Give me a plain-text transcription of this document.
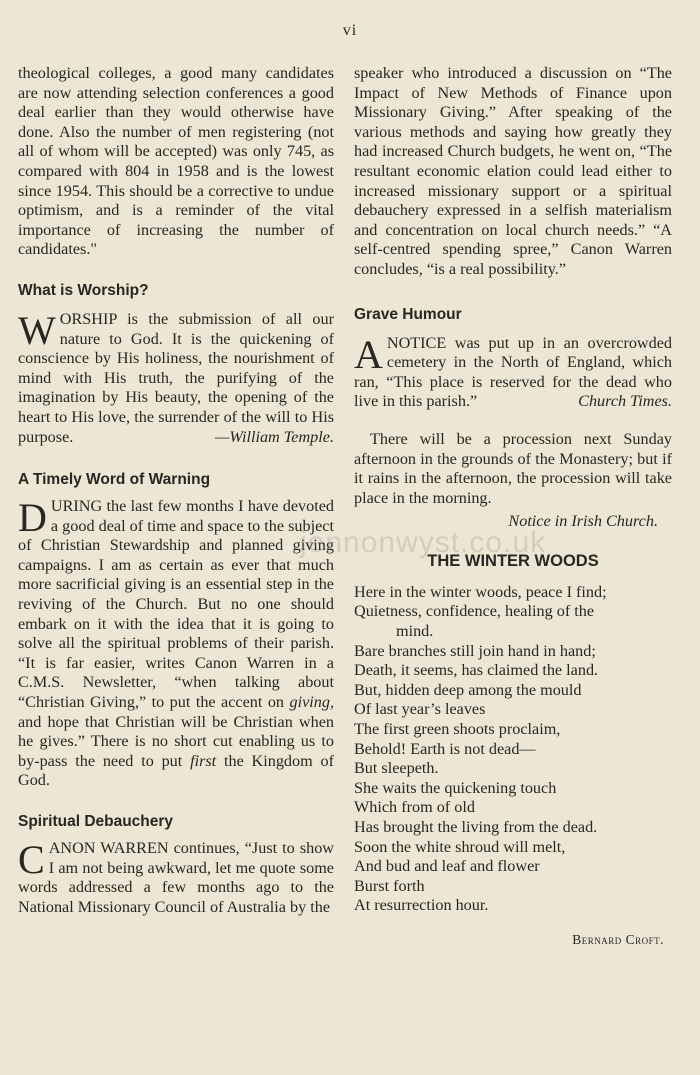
vi

theological colleges, a good many candidates are now attending selection conferences a good deal earlier than they would otherwise have done. Also the number of men registering (not all of whom will be accepted) was only 745, as compared with 804 in 1958 and is the lowest since 1954. This should be a corrective to undue optimism, and is a reminder of the vital importance of increasing the number of candidates."

What is Worship?

WORSHIP is the submission of all our nature to God. It is the quickening of conscience by His holiness, the nourishment of mind with His truth, the purifying of the imagination by His beauty, the opening of the heart to His love, the surrender of the will to His purpose.	—William Temple.

A Timely Word of Warning

DURING the last few months I have devoted a good deal of time and space to the subject of Christian Stewardship and planned giving campaigns. I am as certain as ever that much more sacrificial giving is an essential step in the reviving of the Church. But no one should embark on it with the idea that it is going to solve all the spiritual problems of their parish. “It is far easier, writes Canon Warren in a C.M.S. Newsletter, “when talking about “Christian Giving,” to put the accent on giving, and hope that Christian will be Christian when he gives.” There is no short cut enabling us to by-pass the need to put first the Kingdom of God.

Spiritual Debauchery

CANON WARREN continues, “Just to show I am not being awkward, let me quote some words addressed a few months ago to the National Missionary Council of Australia by the

speaker who introduced a discussion on “The Impact of New Methods of Finance upon Missionary Giving.” After speaking of the various methods and saying how greatly they had increased Church budgets, he went on, “The resultant economic elation could lead either to increased missionary support or a spiritual debauchery expressed in a selfish materialism and concentration on local church needs.” “A self-centred spending spree,” Canon Warren concludes, “is a real possibility.”

Grave Humour

A NOTICE was put up in an overcrowded cemetery in the North of England, which ran, “This place is reserved for the dead who live in this parish.”	Church Times.

There will be a procession next Sunday afternoon in the grounds of the Monastery; but if it rains in the afternoon, the procession will take place in the morning.

Notice in Irish Church.

THE WINTER WOODS
Here in the winter woods, peace I find;
Quietness, confidence, healing of the
mind.
Bare branches still join hand in hand;
Death, it seems, has claimed the land.
But, hidden deep among the mould
Of last year’s leaves
The first green shoots proclaim,
Behold! Earth is not dead—
But sleepeth.
She waits the quickening touch
Which from of old
Has brought the living from the dead.
Soon the white shroud will melt,
And bud and leaf and flower
Burst forth
At resurrection hour.

Bernard Croft.

jennonwyst.co.uk
